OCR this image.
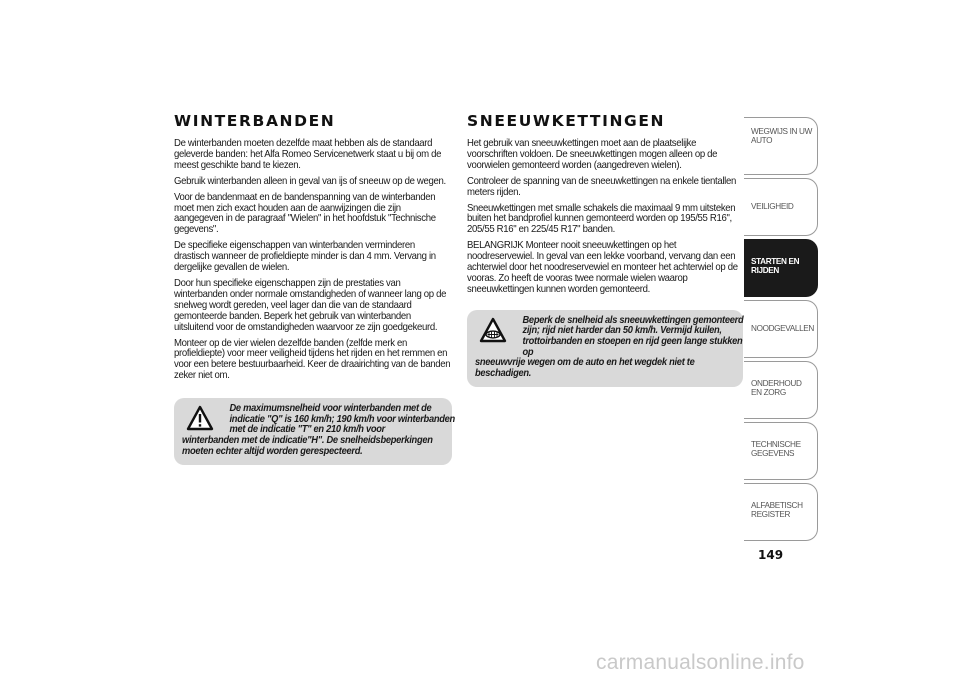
WINTERBANDEN

De winterbanden moeten dezelfde maat hebben als de standaard geleverde banden: het Alfa Romeo Servicenetwerk staat u bij om de meest geschikte band te kiezen.

Gebruik winterbanden alleen in geval van ijs of sneeuw op de wegen.

Voor de bandenmaat en de bandenspanning van de winterbanden moet men zich exact houden aan de aanwijzingen die zijn aangegeven in de paragraaf "Wielen" in het hoofdstuk "Technische gegevens".

De specifieke eigenschappen van winterbanden verminderen drastisch wanneer de profieldiepte minder is dan 4 mm. Vervang in dergelijke gevallen de wielen.

Door hun specifieke eigenschappen zijn de prestaties van winterbanden onder normale omstandigheden of wanneer lang op de snelweg wordt gereden, veel lager dan die van de standaard gemonteerde banden. Beperk het gebruik van winterbanden uitsluitend voor de omstandigheden waarvoor ze zijn goedgekeurd.

Monteer op de vier wielen dezelfde banden (zelfde merk en profieldiepte) voor meer veiligheid tijdens het rijden en het remmen en voor een betere bestuurbaarheid. Keer de draairichting van de banden zeker niet om.

De maximumsnelheid voor winterbanden met de indicatie "Q" is 160 km/h; 190 km/h voor winterbanden met de indicatie "T" en 210 km/h voor
winterbanden met de indicatie"H". De snelheidsbeperkingen moeten echter altijd worden gerespecteerd.

SNEEUWKETTINGEN

Het gebruik van sneeuwkettingen moet aan de plaatselijke voorschriften voldoen. De sneeuwkettingen mogen alleen op de voorwielen gemonteerd worden (aangedreven wielen).

Controleer de spanning van de sneeuwkettingen na enkele tientallen meters rijden.

Sneeuwkettingen met smalle schakels die maximaal 9 mm uitsteken buiten het bandprofiel kunnen gemonteerd worden op 195/55 R16", 205/55 R16" en 225/45 R17" banden.

BELANGRIJK Monteer nooit sneeuwkettingen op het noodreservewiel. In geval van een lekke voorband, vervang dan een achterwiel door het noodreservewiel en monteer het achterwiel op de vooras. Zo heeft de vooras twee normale wielen waarop sneeuwkettingen kunnen worden gemonteerd.

Beperk de snelheid als sneeuwkettingen gemonteerd zijn; rijd niet harder dan 50 km/h. Vermijd kuilen, trottoirbanden en stoepen en rijd geen lange stukken op
sneeuwvrije wegen om de auto en het wegdek niet te beschadigen.

WEGWIJS IN UW AUTO
VEILIGHEID
STARTEN EN RIJDEN
NOODGEVALLEN
ONDERHOUD EN ZORG
TECHNISCHE GEGEVENS
ALFABETISCH REGISTER
149
carmanualsonline.info
